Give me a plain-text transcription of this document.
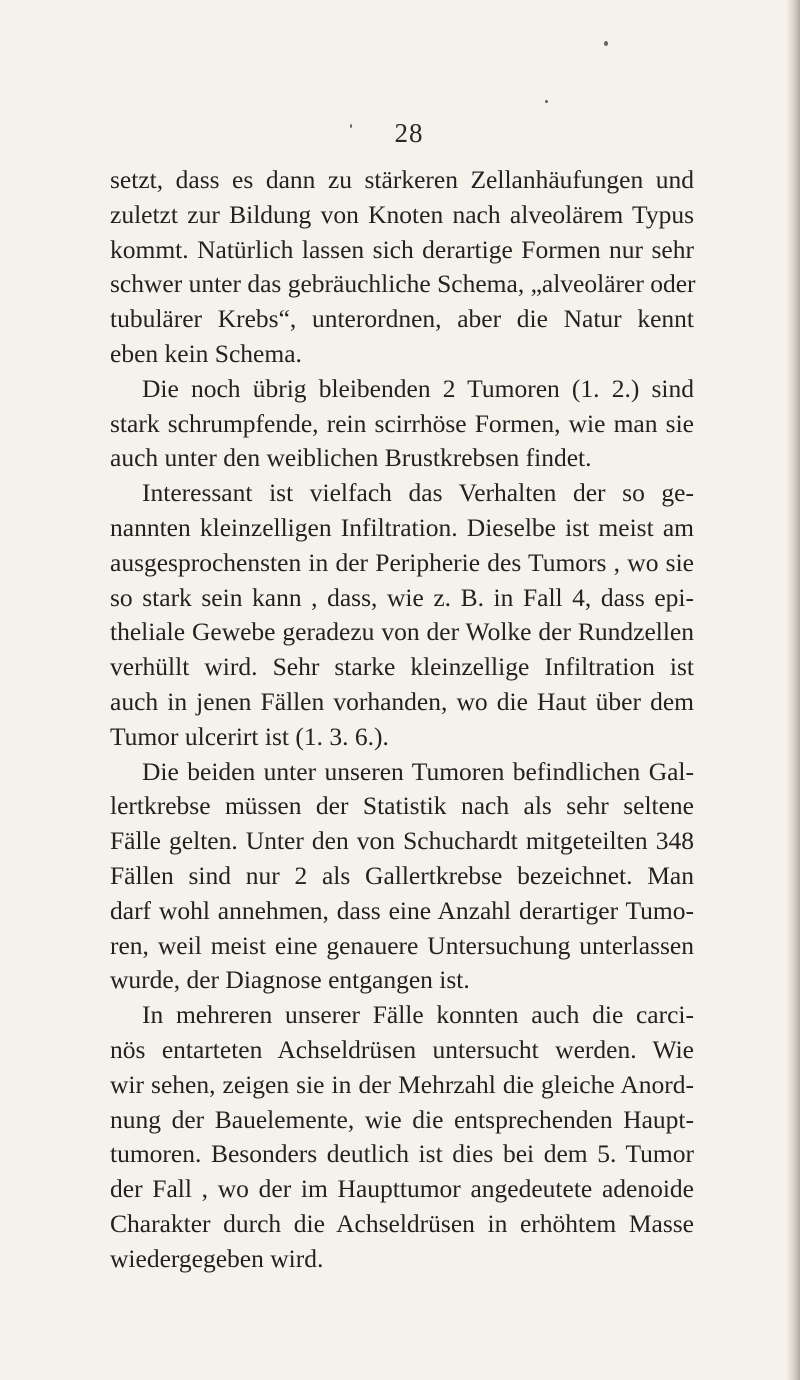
28
setzt, dass es dann zu stärkeren Zellanhäufungen und
zuletzt zur Bildung von Knoten nach alveolärem Typus
kommt. Natürlich lassen sich derartige Formen nur sehr
schwer unter das gebräuchliche Schema, „alveolärer oder
tubulärer Krebs“, unterordnen, aber die Natur kennt
eben kein Schema.
Die noch übrig bleibenden 2 Tumoren (1. 2.) sind
stark schrumpfende, rein scirrhöse Formen, wie man sie
auch unter den weiblichen Brustkrebsen findet.
Interessant ist vielfach das Verhalten der so ge-
nannten kleinzelligen Infiltration. Dieselbe ist meist am
ausgesprochensten in der Peripherie des Tumors , wo sie
so stark sein kann , dass, wie z. B. in Fall 4, dass epi-
theliale Gewebe geradezu von der Wolke der Rundzellen
verhüllt wird. Sehr starke kleinzellige Infiltration ist
auch in jenen Fällen vorhanden, wo die Haut über dem
Tumor ulcerirt ist (1. 3. 6.).
Die beiden unter unseren Tumoren befindlichen Gal-
lertkrebse müssen der Statistik nach als sehr seltene
Fälle gelten. Unter den von Schuchardt mitgeteilten 348
Fällen sind nur 2 als Gallertkrebse bezeichnet. Man
darf wohl annehmen, dass eine Anzahl derartiger Tumo-
ren, weil meist eine genauere Untersuchung unterlassen
wurde, der Diagnose entgangen ist.
In mehreren unserer Fälle konnten auch die carci-
nös entarteten Achseldrüsen untersucht werden. Wie
wir sehen, zeigen sie in der Mehrzahl die gleiche Anord-
nung der Bauelemente, wie die entsprechenden Haupt-
tumoren. Besonders deutlich ist dies bei dem 5. Tumor
der Fall , wo der im Haupttumor angedeutete adenoide
Charakter durch die Achseldrüsen in erhöhtem Masse
wiedergegeben wird.
